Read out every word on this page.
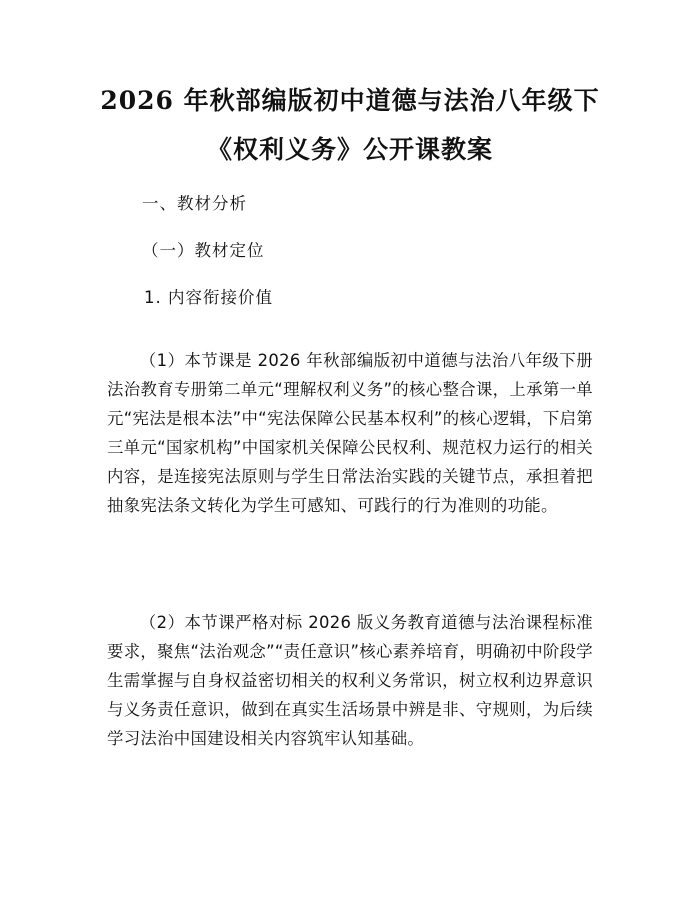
2026 年秋部编版初中道德与法治八年级下
《权利义务》公开课教案
一、教材分析
（一）教材定位
1. 内容衔接价值

（1）本节课是 2026 年秋部编版初中道德与法治八年级下册法治教育专册第二单元“理解权利义务”的核心整合课，上承第一单元“宪法是根本法”中“宪法保障公民基本权利”的核心逻辑，下启第三单元“国家机构”中国家机关保障公民权利、规范权力运行的相关内容，是连接宪法原则与学生日常法治实践的关键节点，承担着把抽象宪法条文转化为学生可感知、可践行的行为准则的功能。

（2）本节课严格对标 2026 版义务教育道德与法治课程标准要求，聚焦“法治观念”“责任意识”核心素养培育，明确初中阶段学生需掌握与自身权益密切相关的权利义务常识，树立权利边界意识与义务责任意识，做到在真实生活场景中辨是非、守规则，为后续学习法治中国建设相关内容筑牢认知基础。
